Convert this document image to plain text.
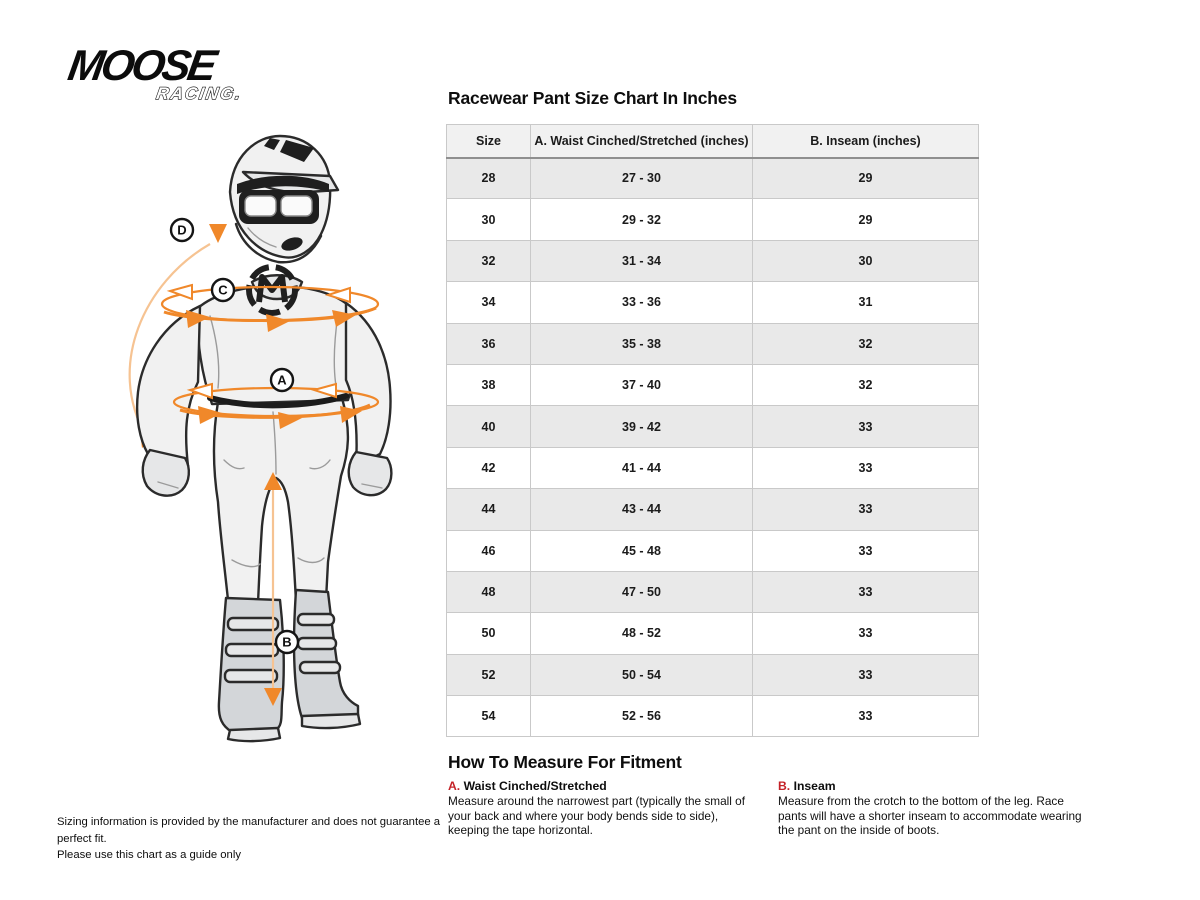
MOOSE
RACING.
C
A
B
D
Racewear Pant Size Chart In Inches
Size	A. Waist Cinched/Stretched (inches)	B. Inseam (inches)
28	27 - 30	29
30	29 - 32	29
32	31 - 34	30
34	33 - 36	31
36	35 - 38	32
38	37 - 40	32
40	39 - 42	33
42	41 - 44	33
44	43 - 44	33
46	45 - 48	33
48	47 - 50	33
50	48 - 52	33
52	50 - 54	33
54	52 - 56	33
How To Measure For Fitment
A. Waist Cinched/Stretched
Measure around the narrowest part (typically the small of your back and where your body bends side to side), keeping the tape horizontal.
B. Inseam
Measure from the crotch to the bottom of the leg. Race pants will have a shorter inseam to accommodate wearing the pant on the inside of boots.
Sizing information is provided by the manufacturer and does not guarantee a perfect fit.
Please use this chart as a guide only
